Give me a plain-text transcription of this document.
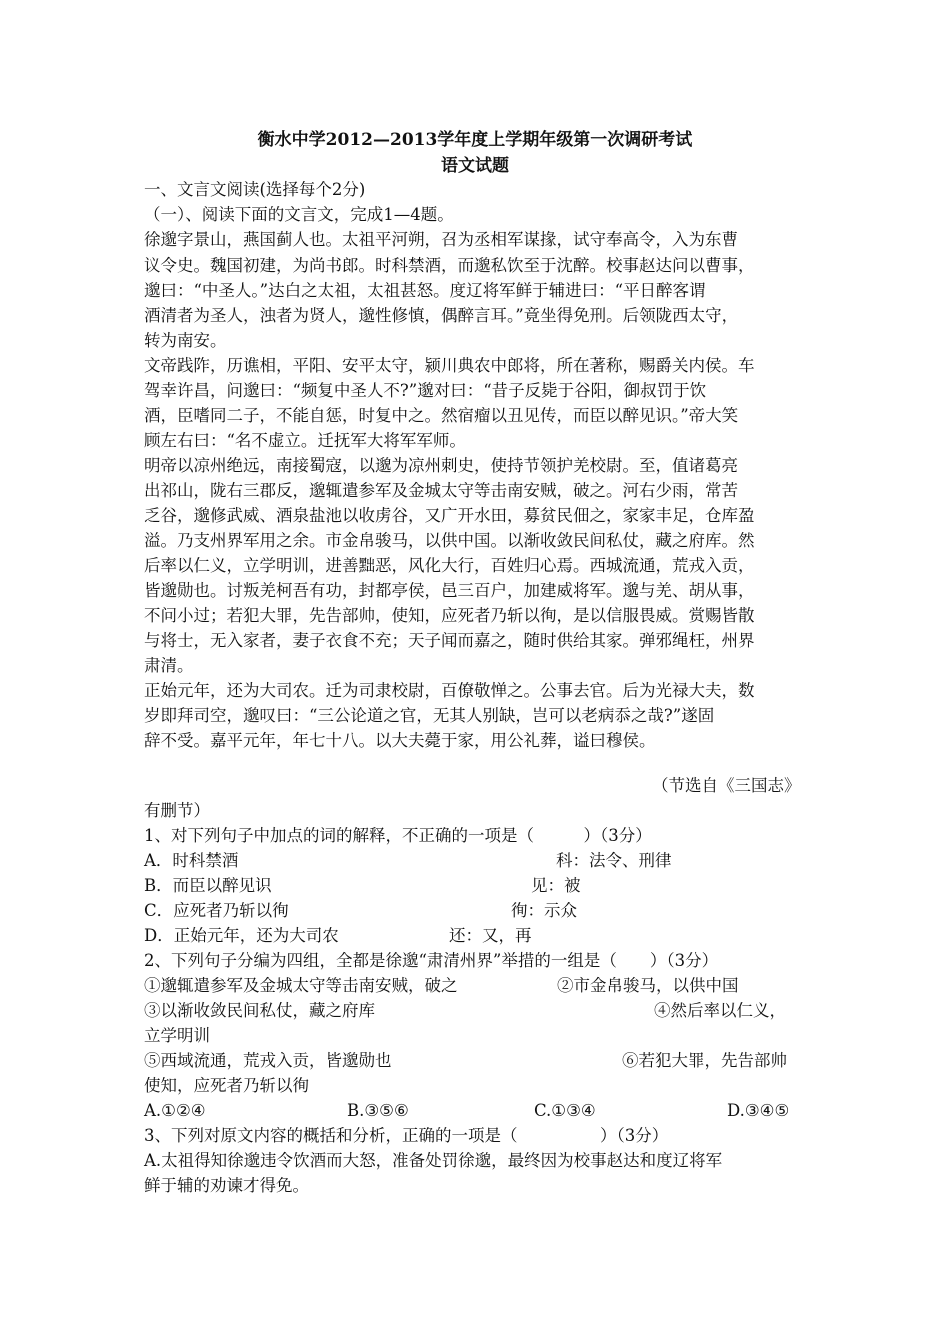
衡水中学2012—2013学年度上学期年级第一次调研考试
语文试题
一、文言文阅读(选择每个2分)
（一）、阅读下面的文言文，完成1—4题。
徐邈字景山，燕国蓟人也。太祖平河朔，召为丞相军谋掾，试守奉高令，入为东曹
议令史。魏国初建，为尚书郎。时科禁酒，而邈私饮至于沈醉。校事赵达问以曹事，
邈曰：“中圣人。”达白之太祖，太祖甚怒。度辽将军鲜于辅进曰：“平日醉客谓
酒清者为圣人，浊者为贤人，邈性修慎，偶醉言耳。”竟坐得免刑。后领陇西太守，
转为南安。
文帝践阼，历谯相，平阳、安平太守，颍川典农中郎将，所在著称，赐爵关内侯。车
驾幸许昌，问邈曰：“频复中圣人不?”邈对曰：“昔子反毙于谷阳，御叔罚于饮
酒，臣嗜同二子，不能自惩，时复中之。然宿瘤以丑见传，而臣以醉见识。”帝大笑
顾左右曰：“名不虚立。迁抚军大将军军师。
明帝以凉州绝远，南接蜀寇，以邈为凉州刺史，使持节领护羌校尉。至，值诸葛亮
出祁山，陇右三郡反，邈辄遣参军及金城太守等击南安贼，破之。河右少雨，常苦
乏谷，邈修武威、酒泉盐池以收虏谷，又广开水田，募贫民佃之，家家丰足，仓库盈
溢。乃支州界军用之余。市金帛骏马，以供中国。以渐收敛民间私仗，藏之府库。然
后率以仁义，立学明训，进善黜恶，风化大行，百姓归心焉。西城流通，荒戎入贡，
皆邈勋也。讨叛羌柯吾有功，封都亭侯，邑三百户，加建威将军。邈与羌、胡从事，
不问小过；若犯大罪，先告部帅，使知，应死者乃斩以徇，是以信服畏威。赏赐皆散
与将士，无入家者，妻子衣食不充；天子闻而嘉之，随时供给其家。弹邪绳枉，州界
肃清。
正始元年，还为大司农。迁为司隶校尉，百僚敬惮之。公事去官。后为光禄大夫，数
岁即拜司空，邈叹曰：“三公论道之官，无其人别缺，岂可以老病忝之哉?”遂固
辞不受。嘉平元年，年七十八。以大夫薨于家，用公礼葬，谥曰穆侯。
（节选自《三国志》
有删节）
1、对下列句子中加点的词的解释，不正确的一项是（　　　）（3分）
A．时科禁酒	科：法令、刑律
B．而臣以醉见识	见：被
C．应死者乃斩以徇	徇：示众
D．正始元年，还为大司农	还：又，再
2、下列句子分编为四组，全都是徐邈“肃清州界”举措的一组是（　　）（3分）
①邈辄遣参军及金城太守等击南安贼，破之	②市金帛骏马，以供中国
③以渐收敛民间私仗，藏之府库	④然后率以仁义，
立学明训
⑤西域流通，荒戎入贡，皆邈勋也	⑥若犯大罪，先告部帅
使知，应死者乃斩以徇
A.①②④	B.③⑤⑥	C.①③④	D.③④⑤
3、下列对原文内容的概括和分析，正确的一项是（　　　　　）（3分）
A.太祖得知徐邈违令饮酒而大怒，准备处罚徐邈，最终因为校事赵达和度辽将军
鲜于辅的劝谏才得免。
